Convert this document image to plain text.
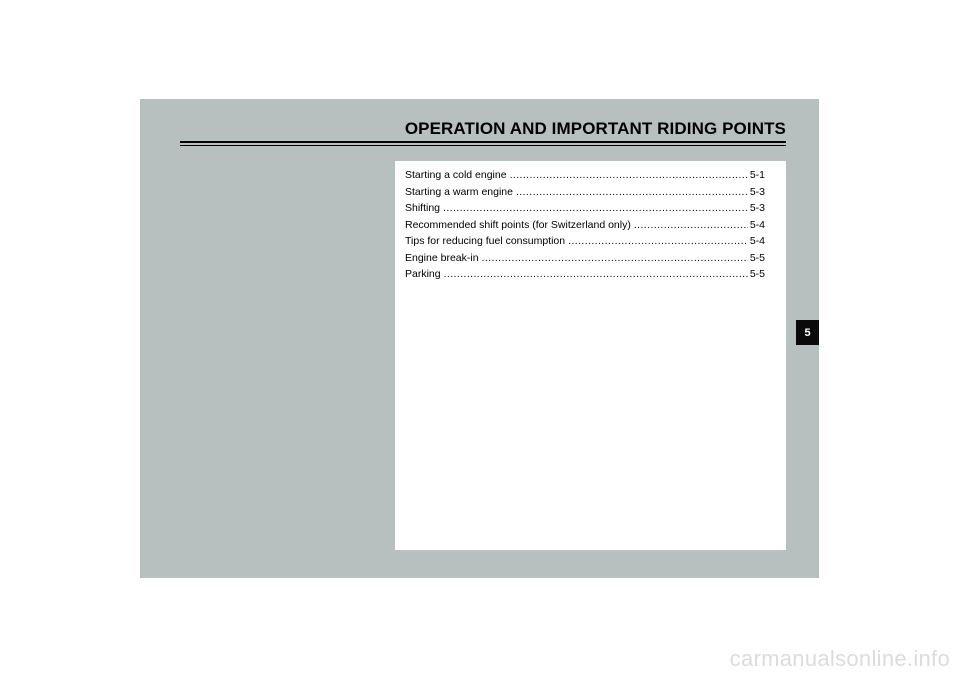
OPERATION AND IMPORTANT RIDING POINTS
Starting a cold engine .....	5-1
Starting a warm engine .....	5-3
Shifting .....	5-3
Recommended shift points (for Switzerland only) .....	5-4
Tips for reducing fuel consumption .....	5-4
Engine break-in .....	5-5
Parking .....	5-5
5
carmanualsonline.info
